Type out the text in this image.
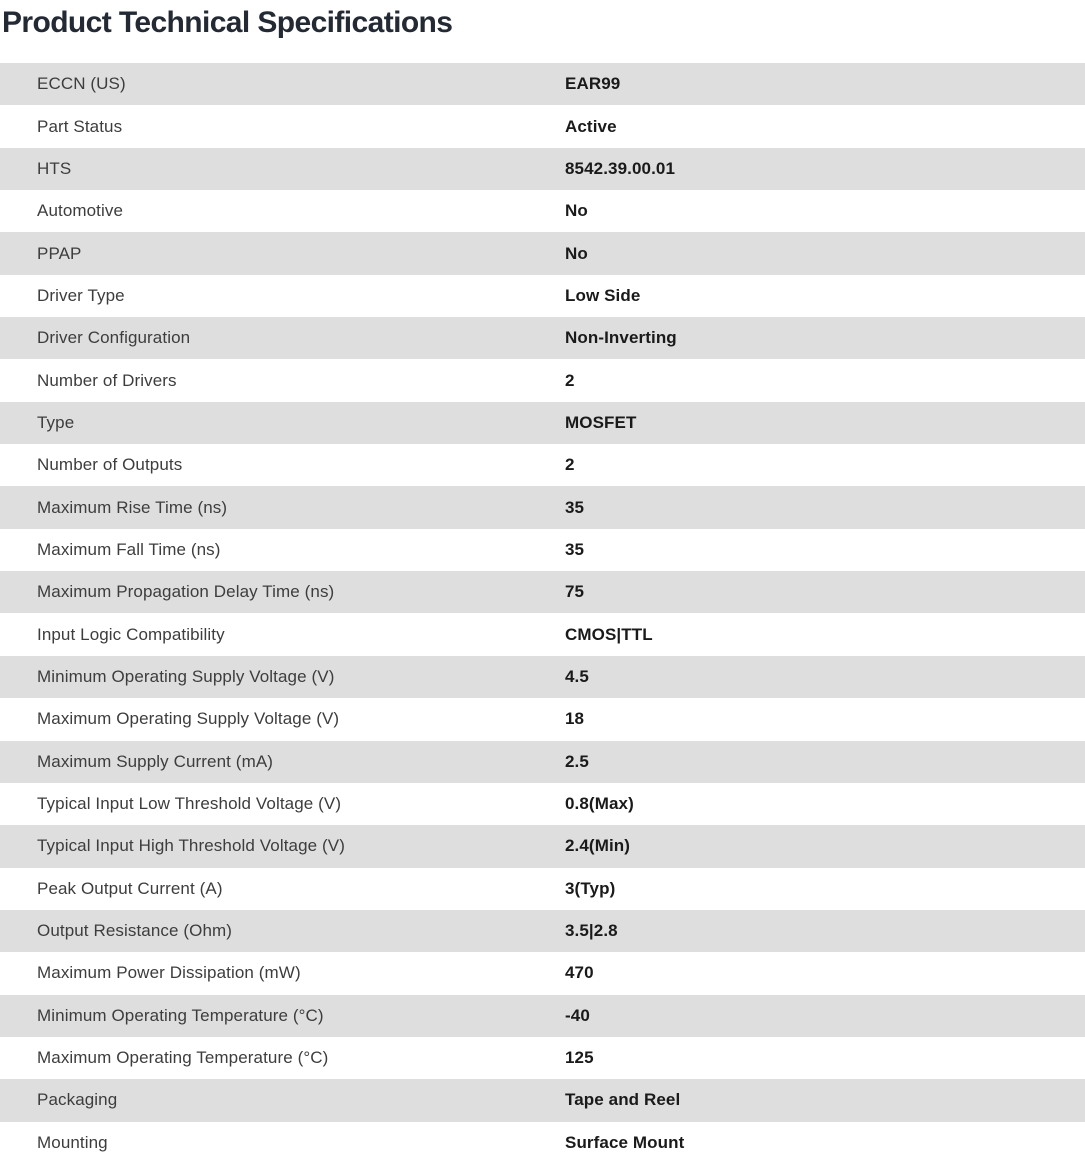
Product Technical Specifications
ECCN (US)	EAR99
Part Status	Active
HTS	8542.39.00.01
Automotive	No
PPAP	No
Driver Type	Low Side
Driver Configuration	Non-Inverting
Number of Drivers	2
Type	MOSFET
Number of Outputs	2
Maximum Rise Time (ns)	35
Maximum Fall Time (ns)	35
Maximum Propagation Delay Time (ns)	75
Input Logic Compatibility	CMOS|TTL
Minimum Operating Supply Voltage (V)	4.5
Maximum Operating Supply Voltage (V)	18
Maximum Supply Current (mA)	2.5
Typical Input Low Threshold Voltage (V)	0.8(Max)
Typical Input High Threshold Voltage (V)	2.4(Min)
Peak Output Current (A)	3(Typ)
Output Resistance (Ohm)	3.5|2.8
Maximum Power Dissipation (mW)	470
Minimum Operating Temperature (°C)	-40
Maximum Operating Temperature (°C)	125
Packaging	Tape and Reel
Mounting	Surface Mount
